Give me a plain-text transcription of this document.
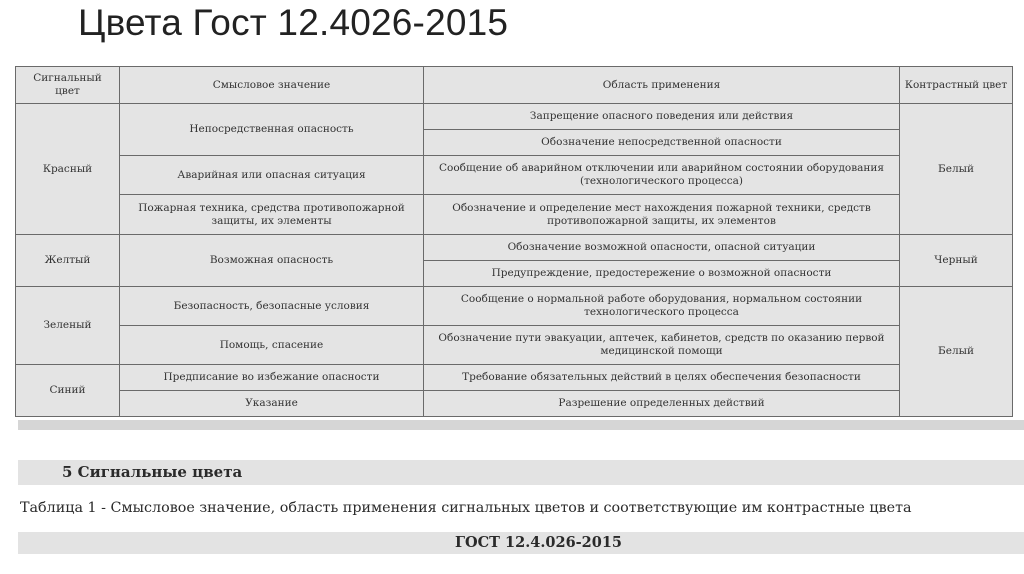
Цвета Гост 12.4026-2015
Сигнальный цвет	Смысловое значение	Область применения	Контрастный цвет
Красный	Непосредственная опасность	Запрещение опасного поведения или действия	Белый
		Обозначение непосредственной опасности	
	Аварийная или опасная ситуация	Сообщение об аварийном отключении или аварийном состоянии оборудования (технологического процесса)	
	Пожарная техника, средства противопожарной защиты, их элементы	Обозначение и определение мест нахождения пожарной техники, средств противопожарной защиты, их элементов	
Желтый	Возможная опасность	Обозначение возможной опасности, опасной ситуации	Черный
		Предупреждение, предостережение о возможной опасности	
Зеленый	Безопасность, безопасные условия	Сообщение о нормальной работе оборудования, нормальном состоянии технологического процесса	Белый
	Помощь, спасение	Обозначение пути эвакуации, аптечек, кабинетов, средств по оказанию первой медицинской помощи	
Синий	Предписание во избежание опасности	Требование обязательных действий в целях обеспечения безопасности	
	Указание	Разрешение определенных действий	
5 Сигнальные цвета
Таблица 1 - Смысловое значение, область применения сигнальных цветов и соответствующие им контрастные цвета
ГОСТ 12.4.026-2015
